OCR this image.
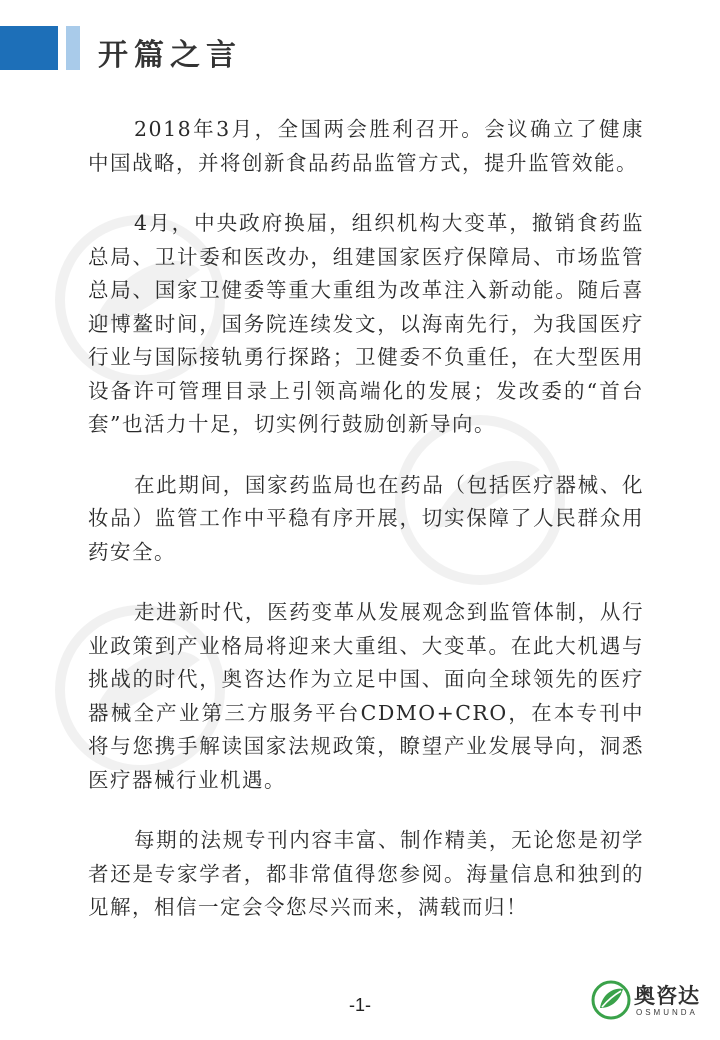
开篇之言

2018年3月，全国两会胜利召开。会议确立了健康中国战略，并将创新食品药品监管方式，提升监管效能。

4月，中央政府换届，组织机构大变革，撤销食药监总局、卫计委和医改办，组建国家医疗保障局、市场监管总局、国家卫健委等重大重组为改革注入新动能。随后喜迎博鳌时间，国务院连续发文，以海南先行，为我国医疗行业与国际接轨勇行探路；卫健委不负重任，在大型医用设备许可管理目录上引领高端化的发展；发改委的“首台套”也活力十足，切实例行鼓励创新导向。

在此期间，国家药监局也在药品（包括医疗器械、化妆品）监管工作中平稳有序开展，切实保障了人民群众用药安全。

走进新时代，医药变革从发展观念到监管体制，从行业政策到产业格局将迎来大重组、大变革。在此大机遇与挑战的时代，奥咨达作为立足中国、面向全球领先的医疗器械全产业第三方服务平台CDMO+CRO，在本专刊中将与您携手解读国家法规政策，瞭望产业发展导向，洞悉医疗器械行业机遇。

每期的法规专刊内容丰富、制作精美，无论您是初学者还是专家学者，都非常值得您参阅。海量信息和独到的见解，相信一定会令您尽兴而来，满载而归！

-1-	奥咨达
OSMUNDA
